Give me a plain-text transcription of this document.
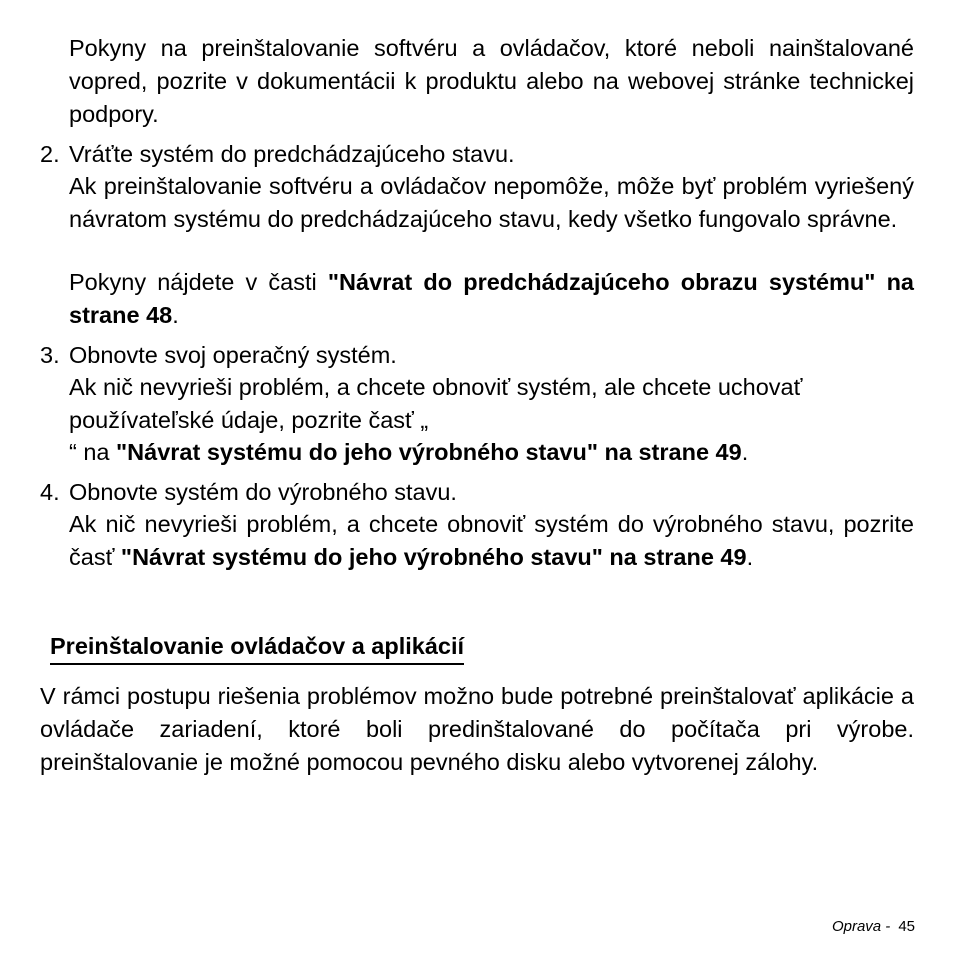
Pokyny na preinštalovanie softvéru a ovládačov, ktoré neboli nainštalované vopred, pozrite v dokumentácii k produktu alebo na webovej stránke technickej podpory.

2. Vráťte systém do predchádzajúceho stavu.

Ak preinštalovanie softvéru a ovládačov nepomôže, môže byť problém vyriešený návratom systému do predchádzajúceho stavu, kedy všetko fungovalo správne.

Pokyny nájdete v časti "Návrat do predchádzajúceho obrazu systému" na strane 48.

3. Obnovte svoj operačný systém.

Ak nič nevyrieši problém, a chcete obnoviť systém, ale chcete uchovať používateľské údaje, pozrite časť „

“ na "Návrat systému do jeho výrobného stavu" na strane 49.

4. Obnovte systém do výrobného stavu.

Ak nič nevyrieši problém, a chcete obnoviť systém do výrobného stavu, pozrite časť "Návrat systému do jeho výrobného stavu" na strane 49.

Preinštalovanie ovládačov a aplikácií

V rámci postupu riešenia problémov možno bude potrebné preinštalovať aplikácie a ovládače zariadení, ktoré boli predinštalované do počítača pri výrobe. preinštalovanie je možné pomocou pevného disku alebo vytvorenej zálohy.

Oprava - 45
